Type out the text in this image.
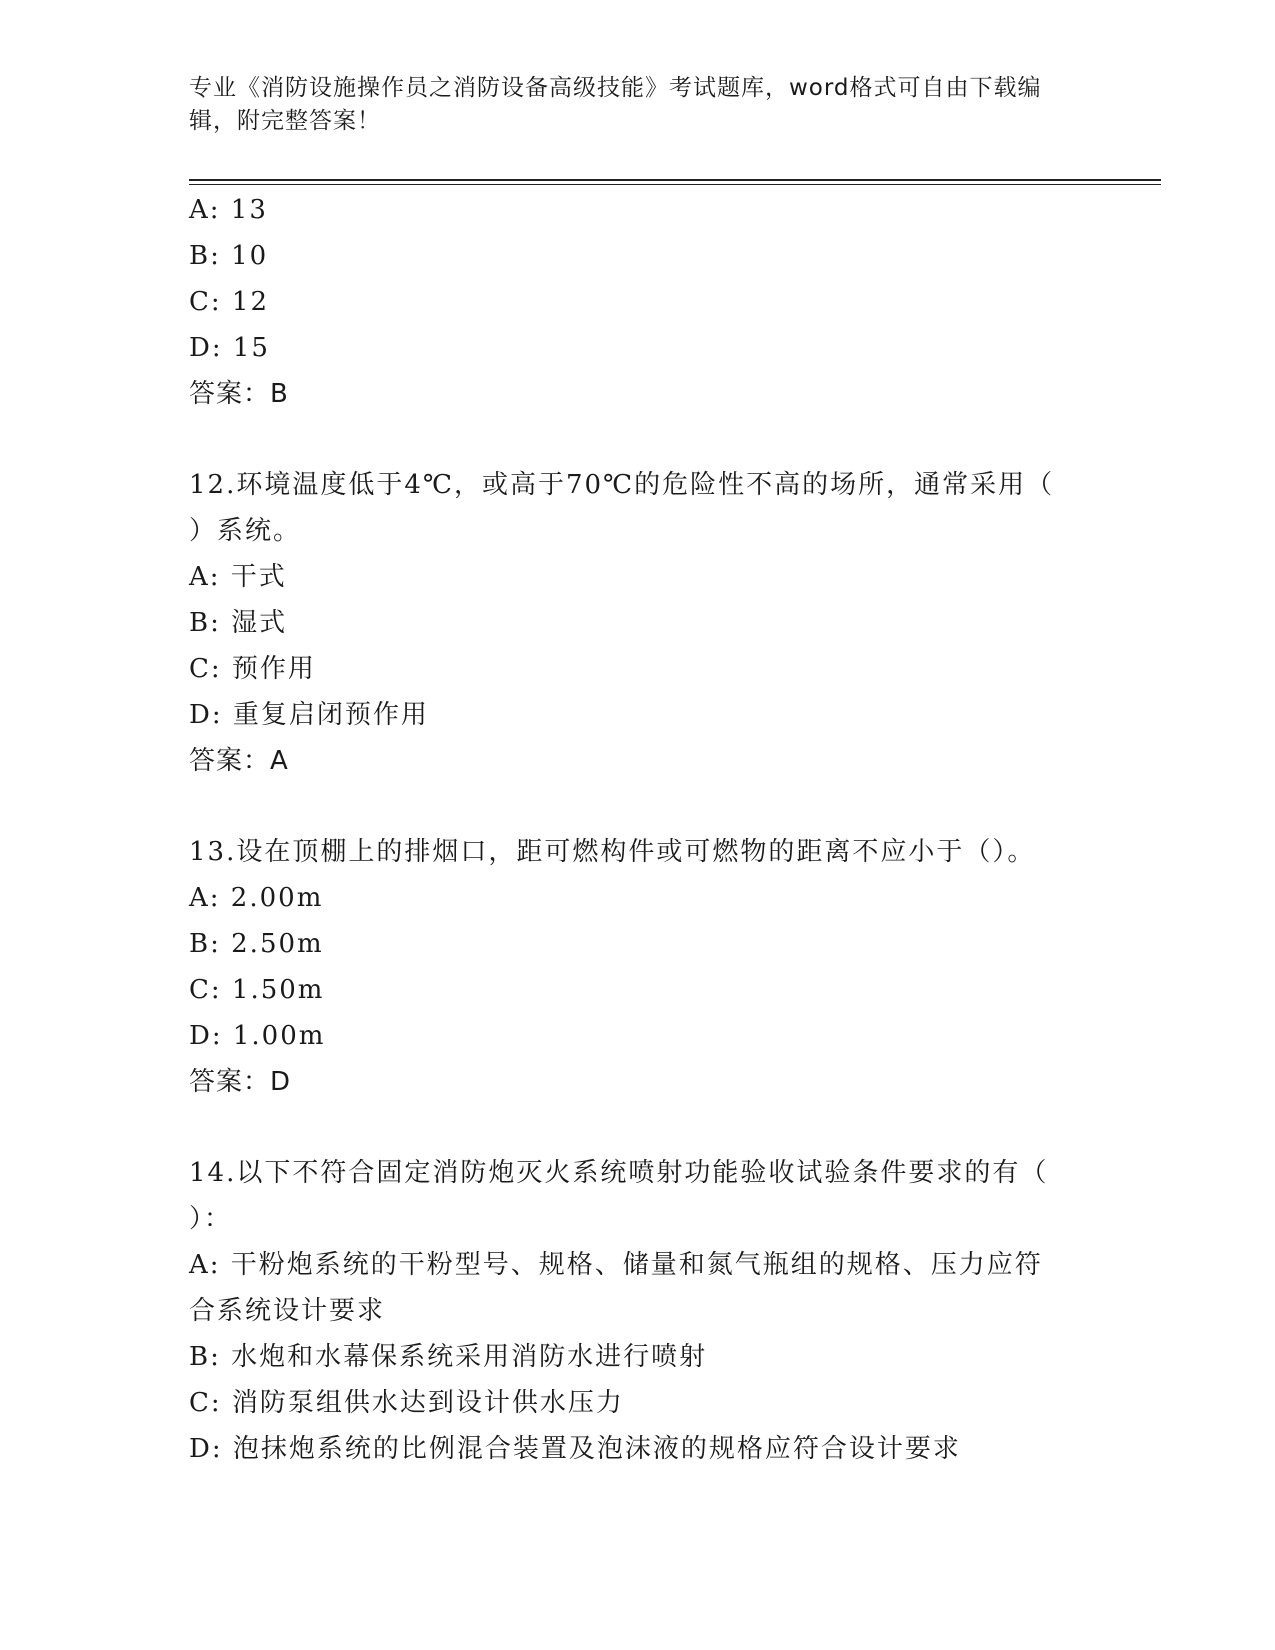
专业《消防设施操作员之消防设备高级技能》考试题库，word格式可自由下载编辑，附完整答案！
A: 13
B: 10
C: 12
D: 15
答案：B
12.环境温度低于4℃，或高于70℃的危险性不高的场所，通常采用（
）系统。
A: 干式
B: 湿式
C: 预作用
D: 重复启闭预作用
答案：A
13.设在顶棚上的排烟口，距可燃构件或可燃物的距离不应小于（）。
A: 2.00m
B: 2.50m
C: 1.50m
D: 1.00m
答案：D
14.以下不符合固定消防炮灭火系统喷射功能验收试验条件要求的有（
）：
A: 干粉炮系统的干粉型号、规格、储量和氮气瓶组的规格、压力应符
合系统设计要求
B: 水炮和水幕保系统采用消防水进行喷射
C: 消防泵组供水达到设计供水压力
D: 泡抹炮系统的比例混合装置及泡沫液的规格应符合设计要求
